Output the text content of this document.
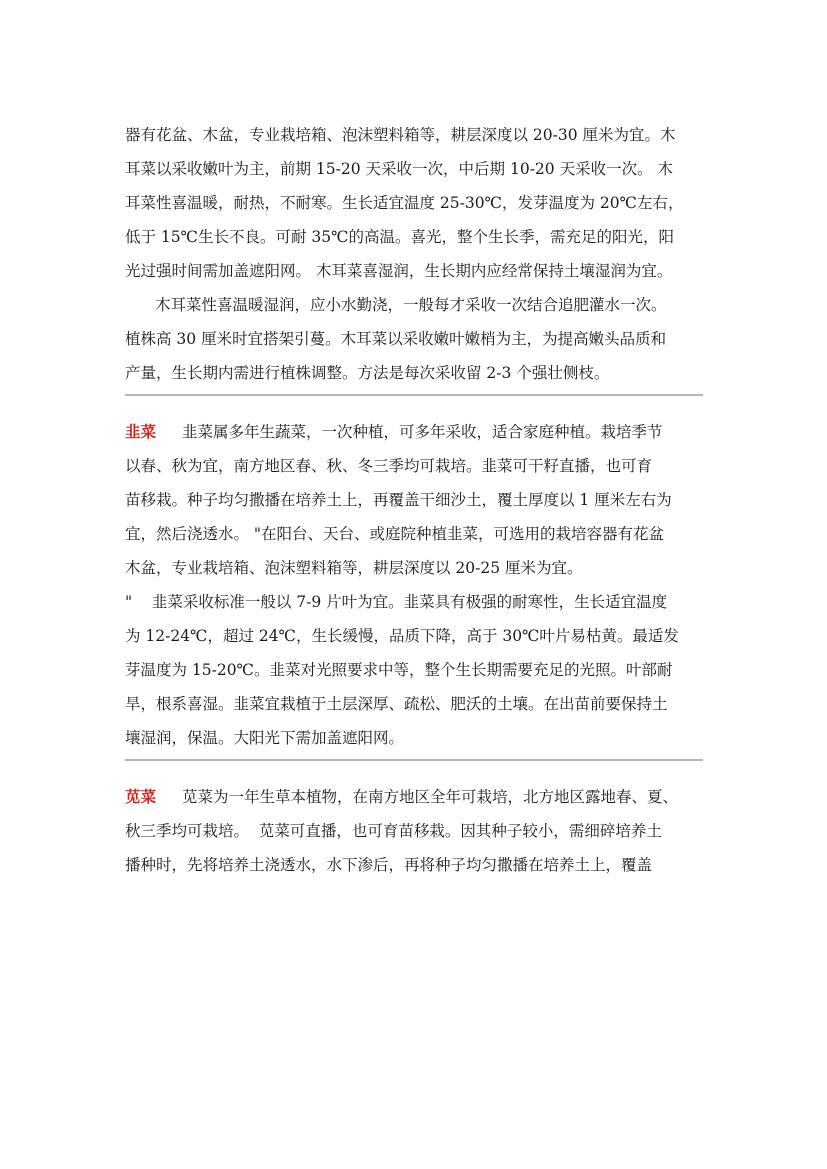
器有花盆、木盆，专业栽培箱、泡沫塑料箱等，耕层深度以 20-30 厘米为宜。木
耳菜以采收嫩叶为主，前期 15-20 天采收一次，中后期 10-20 天采收一次。 木
耳菜性喜温暖，耐热，不耐寒。生长适宜温度 25-30℃，发芽温度为 20℃左右，
低于 15℃生长不良。可耐 35℃的高温。喜光，整个生长季，需充足的阳光，阳
光过强时间需加盖遮阳网。 木耳菜喜湿润，生长期内应经常保持土壤湿润为宜。
木耳菜性喜温暖湿润，应小水勤浇，一般每才采收一次结合追肥灌水一次。
植株高 30 厘米时宜搭架引蔓。木耳菜以采收嫩叶嫩梢为主，为提高嫩头品质和
产量，生长期内需进行植株调整。方法是每次采收留 2-3 个强壮侧枝。
韭菜 韭菜属多年生蔬菜，一次种植，可多年采收，适合家庭种植。栽培季节
以春、秋为宜，南方地区春、秋、冬三季均可栽培。韭菜可干籽直播，也可育
苗移栽。种子均匀撒播在培养土上，再覆盖干细沙土，覆土厚度以 1 厘米左右为
宜，然后浇透水。 "在阳台、天台、或庭院种植韭菜，可选用的栽培容器有花盆
木盆，专业栽培箱、泡沫塑料箱等，耕层深度以 20-25 厘米为宜。
"    韭菜采收标准一般以 7-9 片叶为宜。韭菜具有极强的耐寒性，生长适宜温度
为 12-24℃，超过 24℃，生长缓慢，品质下降，高于 30℃叶片易枯黄。最适发
芽温度为 15-20℃。韭菜对光照要求中等，整个生长期需要充足的光照。叶部耐
旱，根系喜湿。韭菜宜栽植于土层深厚、疏松、肥沃的土壤。在出苗前要保持土
壤湿润，保温。大阳光下需加盖遮阳网。
苋菜 苋菜为一年生草本植物，在南方地区全年可栽培，北方地区露地春、夏、
秋三季均可栽培。  苋菜可直播，也可育苗移栽。因其种子较小，需细碎培养土
播种时，先将培养土浇透水，水下渗后，再将种子均匀撒播在培养土上，覆盖
